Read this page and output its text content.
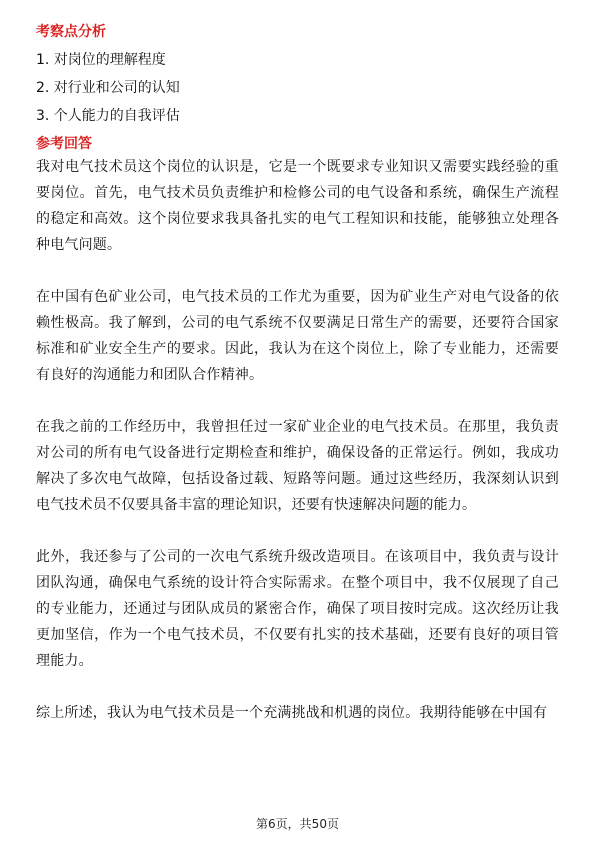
考察点分析
1. 对岗位的理解程度
2. 对行业和公司的认知
3. 个人能力的自我评估
参考回答

我对电气技术员这个岗位的认识是，它是一个既要求专业知识又需要实践经验的重要岗位。首先，电气技术员负责维护和检修公司的电气设备和系统，确保生产流程的稳定和高效。这个岗位要求我具备扎实的电气工程知识和技能，能够独立处理各种电气问题。

在中国有色矿业公司，电气技术员的工作尤为重要，因为矿业生产对电气设备的依赖性极高。我了解到，公司的电气系统不仅要满足日常生产的需要，还要符合国家标准和矿业安全生产的要求。因此，我认为在这个岗位上，除了专业能力，还需要有良好的沟通能力和团队合作精神。

在我之前的工作经历中，我曾担任过一家矿业企业的电气技术员。在那里，我负责对公司的所有电气设备进行定期检查和维护，确保设备的正常运行。例如，我成功解决了多次电气故障，包括设备过载、短路等问题。通过这些经历，我深刻认识到电气技术员不仅要具备丰富的理论知识，还要有快速解决问题的能力。

此外，我还参与了公司的一次电气系统升级改造项目。在该项目中，我负责与设计团队沟通，确保电气系统的设计符合实际需求。在整个项目中，我不仅展现了自己的专业能力，还通过与团队成员的紧密合作，确保了项目按时完成。这次经历让我更加坚信，作为一个电气技术员，不仅要有扎实的技术基础，还要有良好的项目管理能力。

综上所述，我认为电气技术员是一个充满挑战和机遇的岗位。我期待能够在中国有

第6页，共50页
